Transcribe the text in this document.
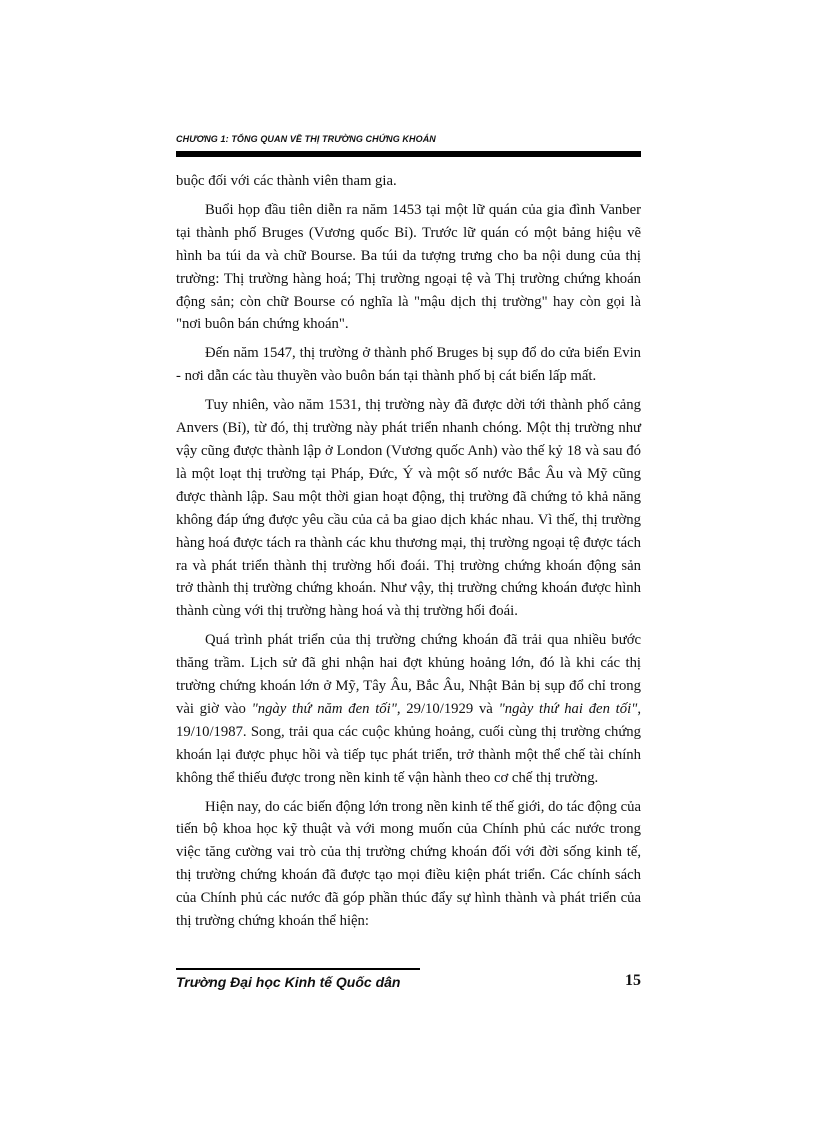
CHƯƠNG 1: TỔNG QUAN VỀ THỊ TRƯỜNG CHỨNG KHOÁN

buộc đối với các thành viên tham gia.

Buổi họp đầu tiên diễn ra năm 1453 tại một lữ quán của gia đình Vanber tại thành phố Bruges (Vương quốc Bỉ). Trước lữ quán có một bảng hiệu vẽ hình ba túi da và chữ Bourse. Ba túi da tượng trưng cho ba nội dung của thị trường: Thị trường hàng hoá; Thị trường ngoại tệ và Thị trường chứng khoán động sản; còn chữ Bourse có nghĩa là "mậu dịch thị trường" hay còn gọi là "nơi buôn bán chứng khoán".

Đến năm 1547, thị trường ở thành phố Bruges bị sụp đổ do cửa biển Evin - nơi dẫn các tàu thuyền vào buôn bán tại thành phố bị cát biển lấp mất.

Tuy nhiên, vào năm 1531, thị trường này đã được dời tới thành phố cảng Anvers (Bỉ), từ đó, thị trường này phát triển nhanh chóng. Một thị trường như vậy cũng được thành lập ở London (Vương quốc Anh) vào thế kỷ 18 và sau đó là một loạt thị trường tại Pháp, Đức, Ý và một số nước Bắc Âu và Mỹ cũng được thành lập. Sau một thời gian hoạt động, thị trường đã chứng tỏ khả năng không đáp ứng được yêu cầu của cả ba giao dịch khác nhau. Vì thế, thị trường hàng hoá được tách ra thành các khu thương mại, thị trường ngoại tệ được tách ra và phát triển thành thị trường hối đoái. Thị trường chứng khoán động sản trở thành thị trường chứng khoán. Như vậy, thị trường chứng khoán được hình thành cùng với thị trường hàng hoá và thị trường hối đoái.

Quá trình phát triển của thị trường chứng khoán đã trải qua nhiều bước thăng trầm. Lịch sử đã ghi nhận hai đợt khủng hoảng lớn, đó là khi các thị trường chứng khoán lớn ở Mỹ, Tây Âu, Bắc Âu, Nhật Bản bị sụp đổ chỉ trong vài giờ vào "ngày thứ năm đen tối", 29/10/1929 và "ngày thứ hai đen tối", 19/10/1987. Song, trải qua các cuộc khủng hoảng, cuối cùng thị trường chứng khoán lại được phục hồi và tiếp tục phát triển, trở thành một thể chế tài chính không thể thiếu được trong nền kinh tế vận hành theo cơ chế thị trường.

Hiện nay, do các biến động lớn trong nền kinh tế thế giới, do tác động của tiến bộ khoa học kỹ thuật và với mong muốn của Chính phủ các nước trong việc tăng cường vai trò của thị trường chứng khoán đối với đời sống kinh tế, thị trường chứng khoán đã được tạo mọi điều kiện phát triển. Các chính sách của Chính phủ các nước đã góp phần thúc đẩy sự hình thành và phát triển của thị trường chứng khoán thể hiện:

Trường Đại học Kinh tế Quốc dân	15
